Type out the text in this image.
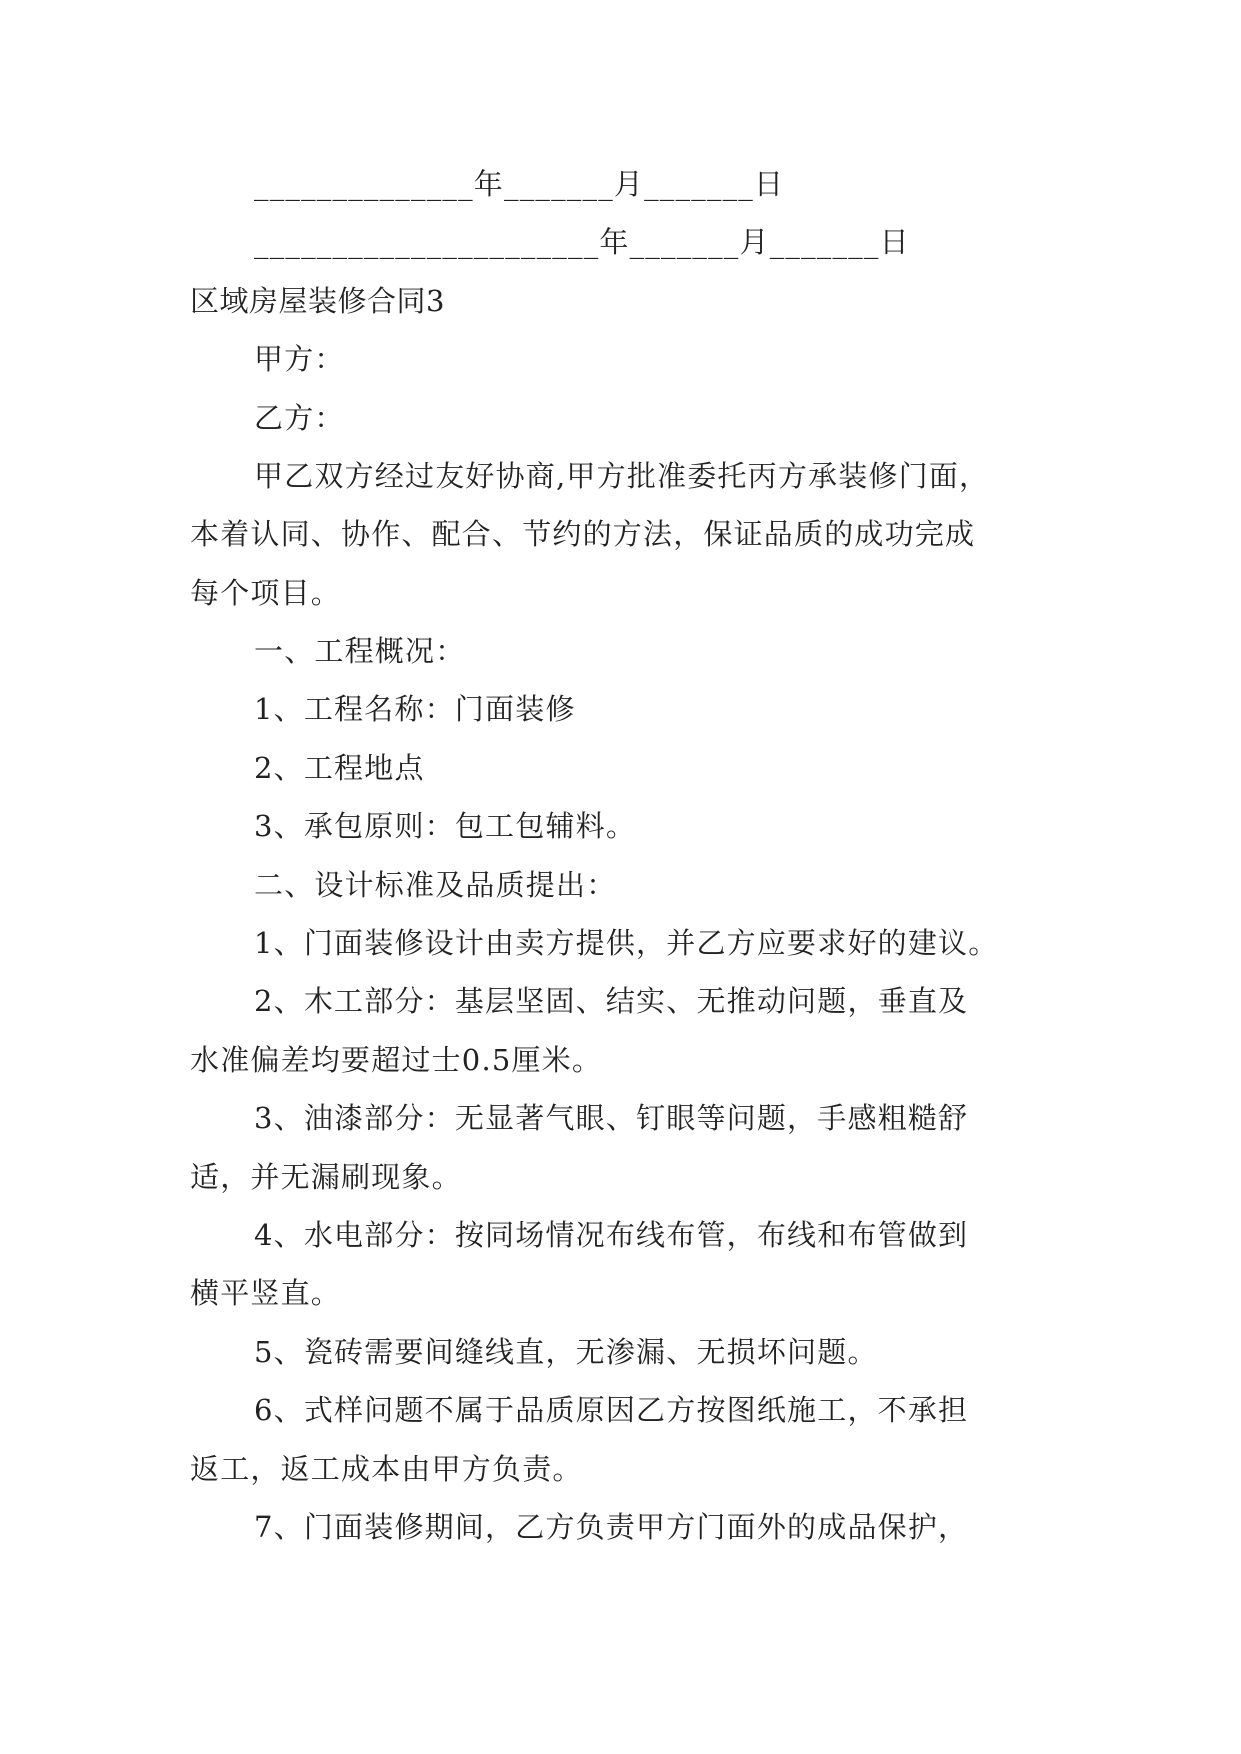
______________年_______月_______日
______________________年_______月_______日
区域房屋装修合同3
甲方：
乙方：
甲乙双方经过友好协商,甲方批准委托丙方承装修门面，
本着认同、协作、配合、节约的方法，保证品质的成功完成
每个项目。
一、工程概况：
1、工程名称：门面装修
2、工程地点
3、承包原则：包工包辅料。
二、设计标准及品质提出：
1、门面装修设计由卖方提供，并乙方应要求好的建议。
2、木工部分：基层坚固、结实、无推动问题，垂直及
水准偏差均要超过士0.5厘米。
3、油漆部分：无显著气眼、钉眼等问题，手感粗糙舒
适，并无漏刷现象。
4、水电部分：按同场情况布线布管，布线和布管做到
横平竖直。
5、瓷砖需要间缝线直，无渗漏、无损坏问题。
6、式样问题不属于品质原因乙方按图纸施工，不承担
返工，返工成本由甲方负责。
7、门面装修期间，乙方负责甲方门面外的成品保护，
